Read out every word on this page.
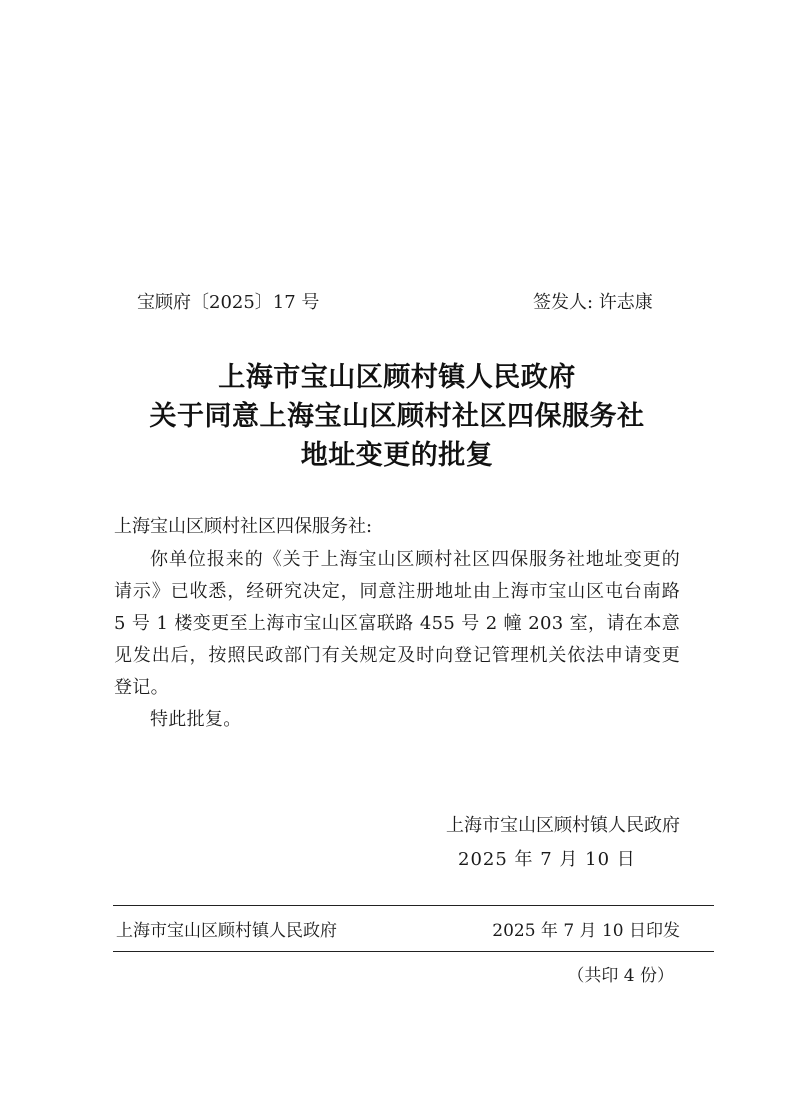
宝顾府〔2025〕17 号	签发人: 许志康
上海市宝山区顾村镇人民政府
关于同意上海宝山区顾村社区四保服务社
地址变更的批复
上海宝山区顾村社区四保服务社:

你单位报来的《关于上海宝山区顾村社区四保服务社地址变更的请示》已收悉，经研究决定，同意注册地址由上海市宝山区屯台南路 5 号 1 楼变更至上海市宝山区富联路 455 号 2 幢 203 室，请在本意见发出后，按照民政部门有关规定及时向登记管理机关依法申请变更登记。

特此批复。

上海市宝山区顾村镇人民政府
2025 年 7 月 10 日
上海市宝山区顾村镇人民政府	2025 年 7 月 10 日印发
（共印 4 份）
